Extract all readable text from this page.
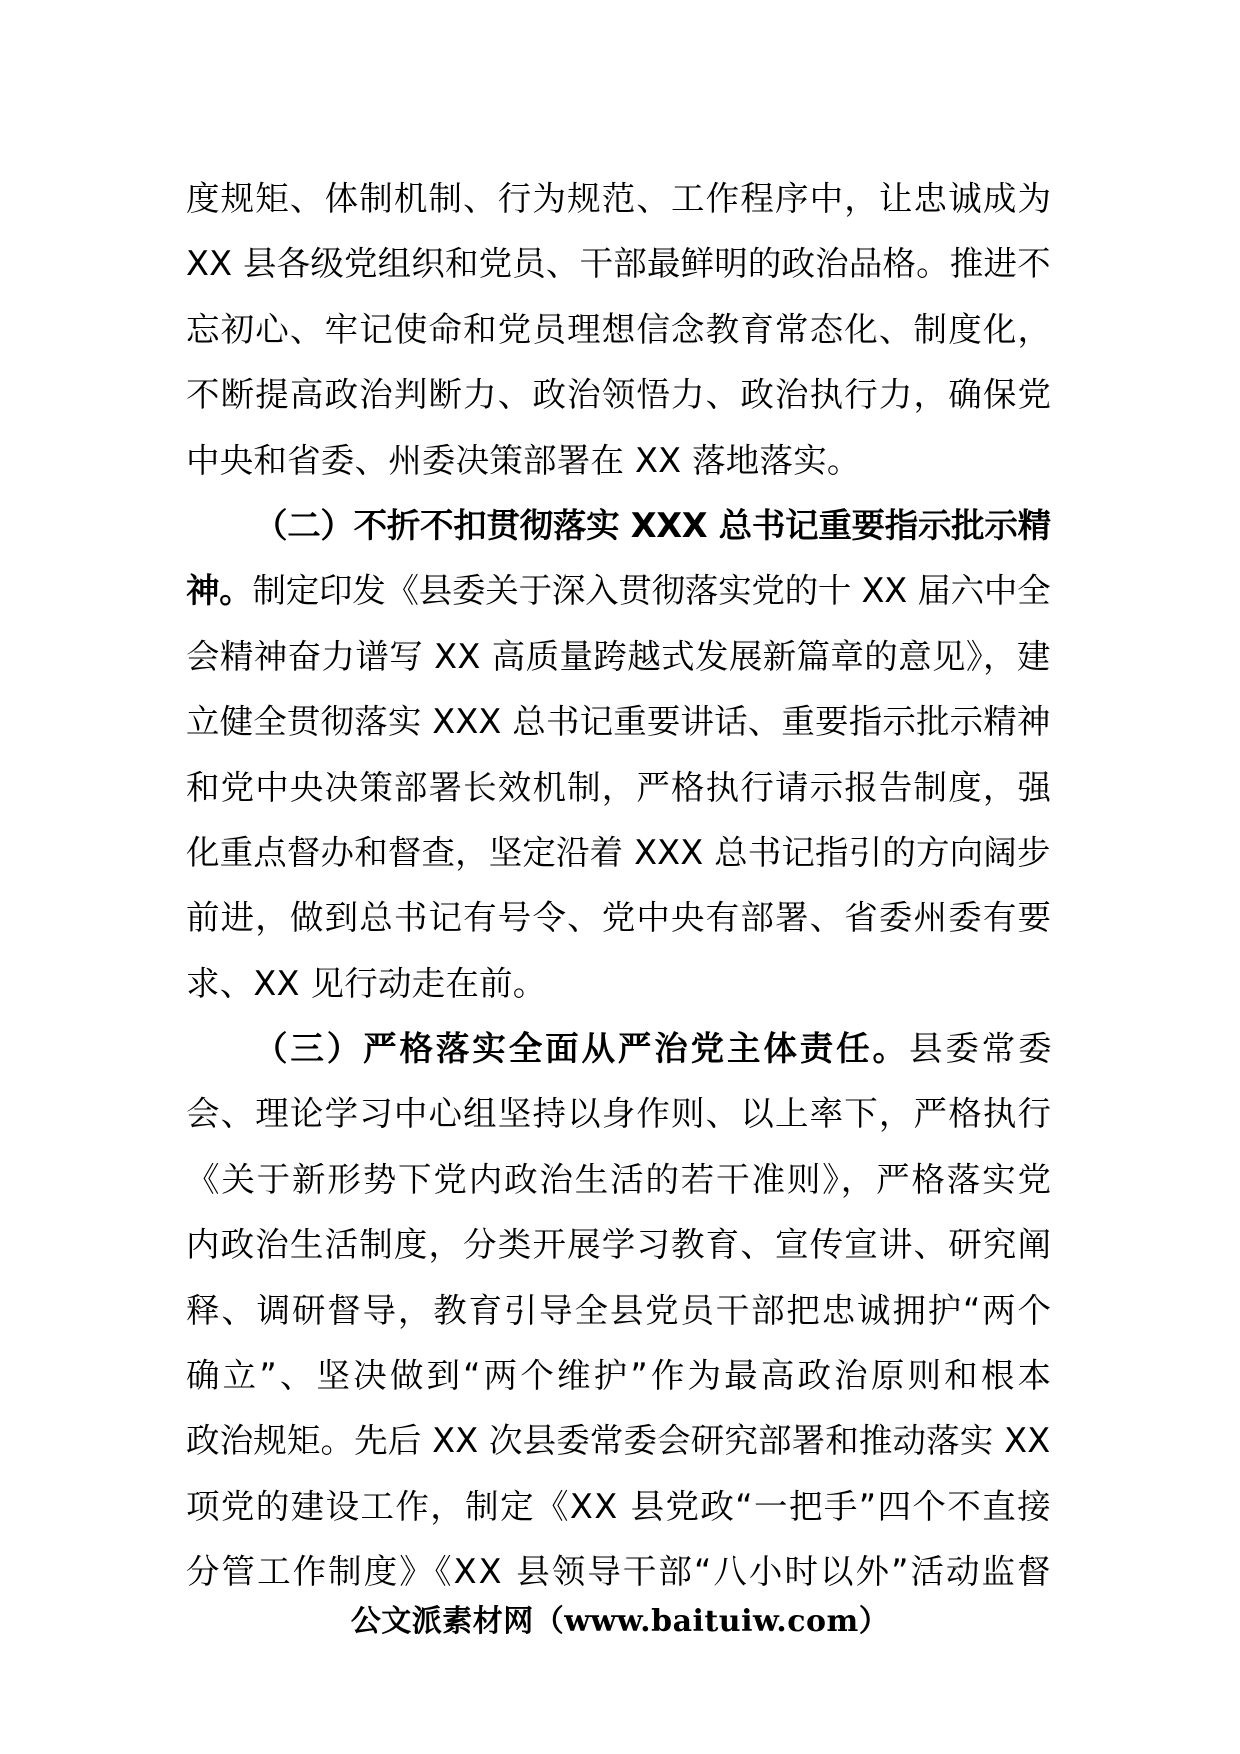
度规矩、体制机制、行为规范、工作程序中，让忠诚成为
XX 县各级党组织和党员、干部最鲜明的政治品格。推进不
忘初心、牢记使命和党员理想信念教育常态化、制度化，
不断提高政治判断力、政治领悟力、政治执行力，确保党
中央和省委、州委决策部署在 XX 落地落实。
（二）不折不扣贯彻落实 XXX 总书记重要指示批示精
神。制定印发《县委关于深入贯彻落实党的十 XX 届六中全
会精神奋力谱写 XX 高质量跨越式发展新篇章的意见》，建
立健全贯彻落实 XXX 总书记重要讲话、重要指示批示精神
和党中央决策部署长效机制，严格执行请示报告制度，强
化重点督办和督查，坚定沿着 XXX 总书记指引的方向阔步
前进，做到总书记有号令、党中央有部署、省委州委有要
求、XX 见行动走在前。
（三）严格落实全面从严治党主体责任。县委常委
会、理论学习中心组坚持以身作则、以上率下，严格执行
《关于新形势下党内政治生活的若干准则》，严格落实党
内政治生活制度，分类开展学习教育、宣传宣讲、研究阐
释、调研督导，教育引导全县党员干部把忠诚拥护“两个
确立”、坚决做到“两个维护”作为最高政治原则和根本
政治规矩。先后 XX 次县委常委会研究部署和推动落实 XX
项党的建设工作，制定《XX 县党政“一把手”四个不直接
分管工作制度》《XX 县领导干部“八小时以外”活动监督
公文派素材网（www.baituiw.com）
